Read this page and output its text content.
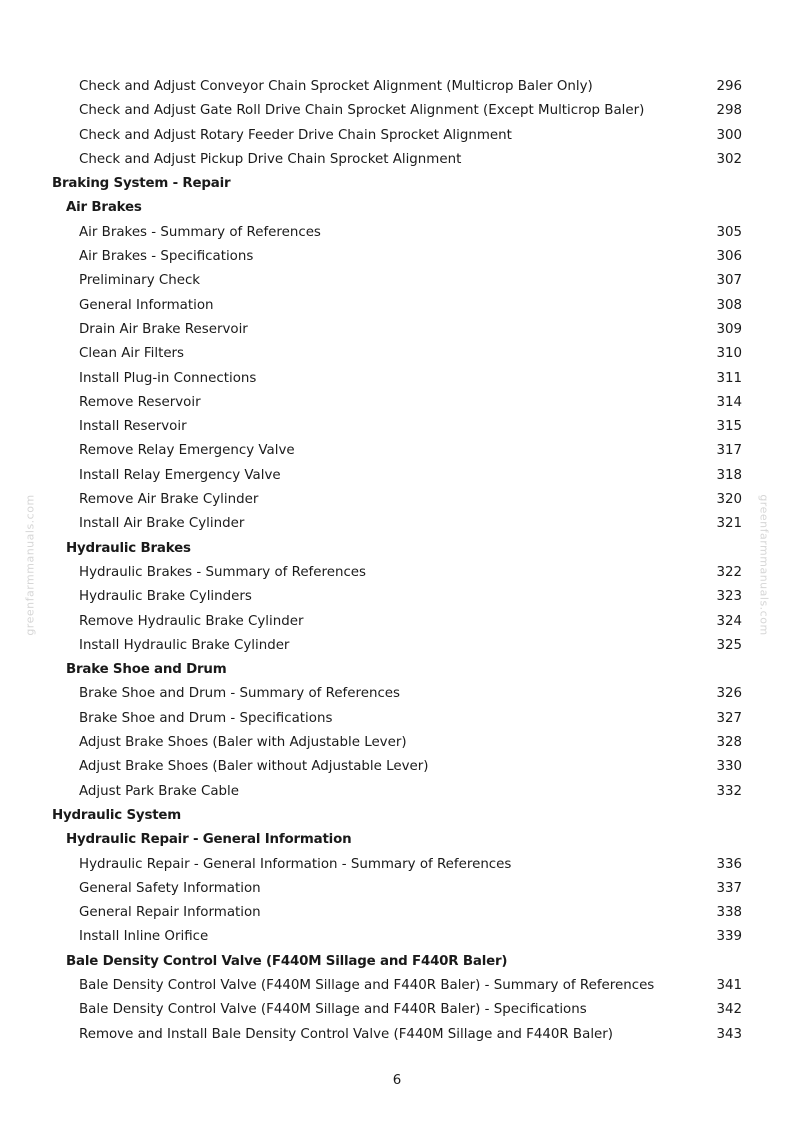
Check and Adjust Conveyor Chain Sprocket Alignment (Multicrop Baler Only)	296
Check and Adjust Gate Roll Drive Chain Sprocket Alignment (Except Multicrop Baler)	298
Check and Adjust Rotary Feeder Drive Chain Sprocket Alignment	300
Check and Adjust Pickup Drive Chain Sprocket Alignment	302
Braking System - Repair
Air Brakes
Air Brakes - Summary of References	305
Air Brakes - Specifications	306
Preliminary Check	307
General Information	308
Drain Air Brake Reservoir	309
Clean Air Filters	310
Install Plug-in Connections	311
Remove Reservoir	314
Install Reservoir	315
Remove Relay Emergency Valve	317
Install Relay Emergency Valve	318
Remove Air Brake Cylinder	320
Install Air Brake Cylinder	321
Hydraulic Brakes
Hydraulic Brakes - Summary of References	322
Hydraulic Brake Cylinders	323
Remove Hydraulic Brake Cylinder	324
Install Hydraulic Brake Cylinder	325
Brake Shoe and Drum
Brake Shoe and Drum - Summary of References	326
Brake Shoe and Drum - Specifications	327
Adjust Brake Shoes (Baler with Adjustable Lever)	328
Adjust Brake Shoes (Baler without Adjustable Lever)	330
Adjust Park Brake Cable	332
Hydraulic System
Hydraulic Repair - General Information
Hydraulic Repair - General Information - Summary of References	336
General Safety Information	337
General Repair Information	338
Install Inline Orifice	339
Bale Density Control Valve (F440M Sillage and F440R Baler)
Bale Density Control Valve (F440M Sillage and F440R Baler) - Summary of References	341
Bale Density Control Valve (F440M Sillage and F440R Baler) - Specifications	342
Remove and Install Bale Density Control Valve (F440M Sillage and F440R Baler)	343
greenfarmmanuals.com	greenfarmmanuals.com
6
